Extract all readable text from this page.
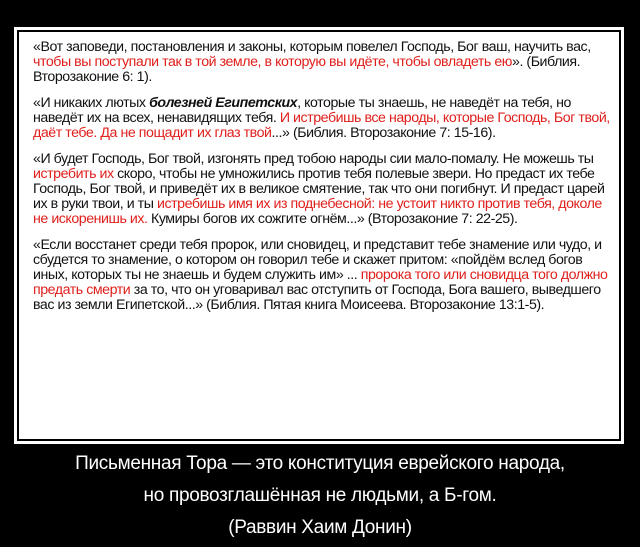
«Вот заповеди, постановления и законы, которым повелел Господь, Бог ваш, научить вас, чтобы вы поступали так в той земле, в которую вы идёте, чтобы овладеть ею». (Библия. Второзаконие 6: 1).

«И никаких лютых болезней Египетских, которые ты знаешь, не наведёт на тебя, но наведёт их на всех, ненавидящих тебя. И истребишь все народы, которые Господь, Бог твой, даёт тебе. Да не пощадит их глаз твой...» (Библия. Второзаконие 7: 15-16).

«И будет Господь, Бог твой, изгонять пред тобою народы сии мало-помалу. Не можешь ты истребить их скоро, чтобы не умножились против тебя полевые звери. Но предаст их тебе Господь, Бог твой, и приведёт их в великое смятение, так что они погибнут. И предаст царей их в руки твои, и ты истребишь имя их из поднебесной: не устоит никто против тебя, доколе не искоренишь их. Кумиры богов их сожгите огнём...» (Второзаконие 7: 22-25).

«Если восстанет среди тебя пророк, или сновидец, и представит тебе знамение или чудо, и сбудется то знамение, о котором он говорил тебе и скажет притом: «пойдём вслед богов иных, которых ты не знаешь и будем служить им» ... пророка того или сновидца того должно предать смерти за то, что он уговаривал вас отступить от Господа, Бога вашего, выведшего вас из земли Египетской...» (Библия. Пятая книга Моисеева. Второзаконие 13:1-5).

Письменная Тора — это конституция еврейского народа,
но провозглашённая не людьми, а Б-гом.
(Раввин Хаим Донин)
